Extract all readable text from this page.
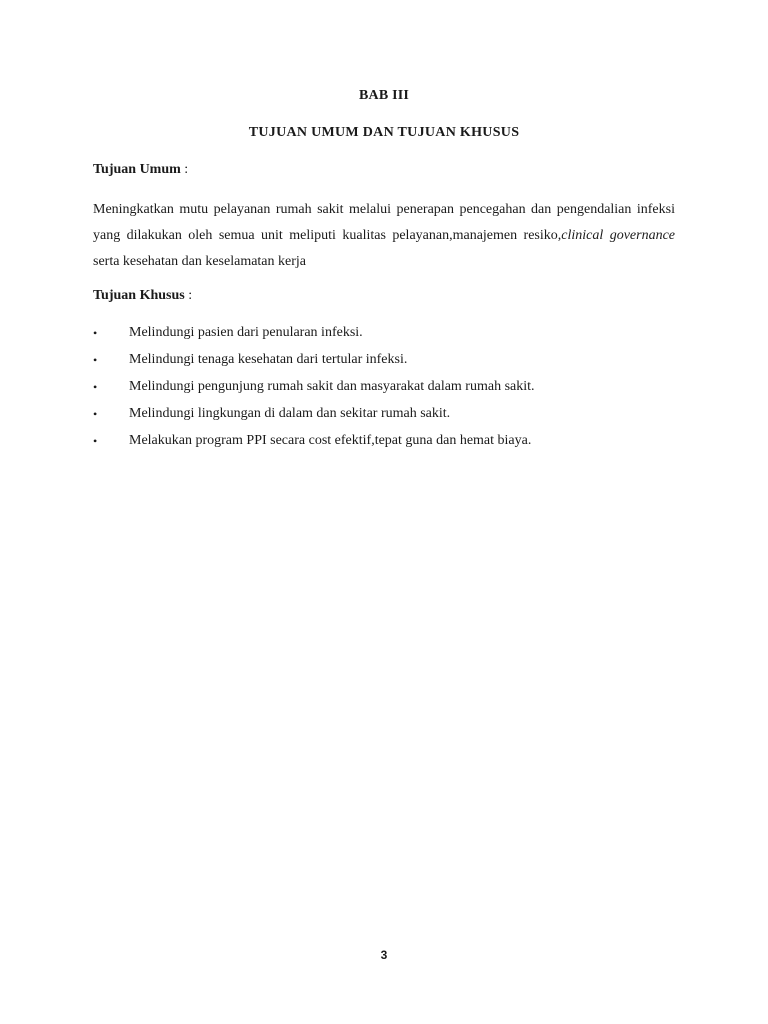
BAB III
TUJUAN UMUM DAN TUJUAN KHUSUS
Tujuan Umum :

Meningkatkan mutu pelayanan rumah sakit melalui penerapan pencegahan dan pengendalian infeksi yang dilakukan oleh semua unit meliputi kualitas pelayanan,manajemen resiko,clinical governance serta kesehatan dan keselamatan kerja

Tujuan Khusus :
• Melindungi pasien dari penularan infeksi.
• Melindungi tenaga kesehatan dari tertular infeksi.
• Melindungi pengunjung rumah sakit dan masyarakat dalam rumah sakit.
• Melindungi lingkungan di dalam dan sekitar rumah sakit.
• Melakukan program PPI secara cost efektif,tepat guna dan hemat biaya.
3
